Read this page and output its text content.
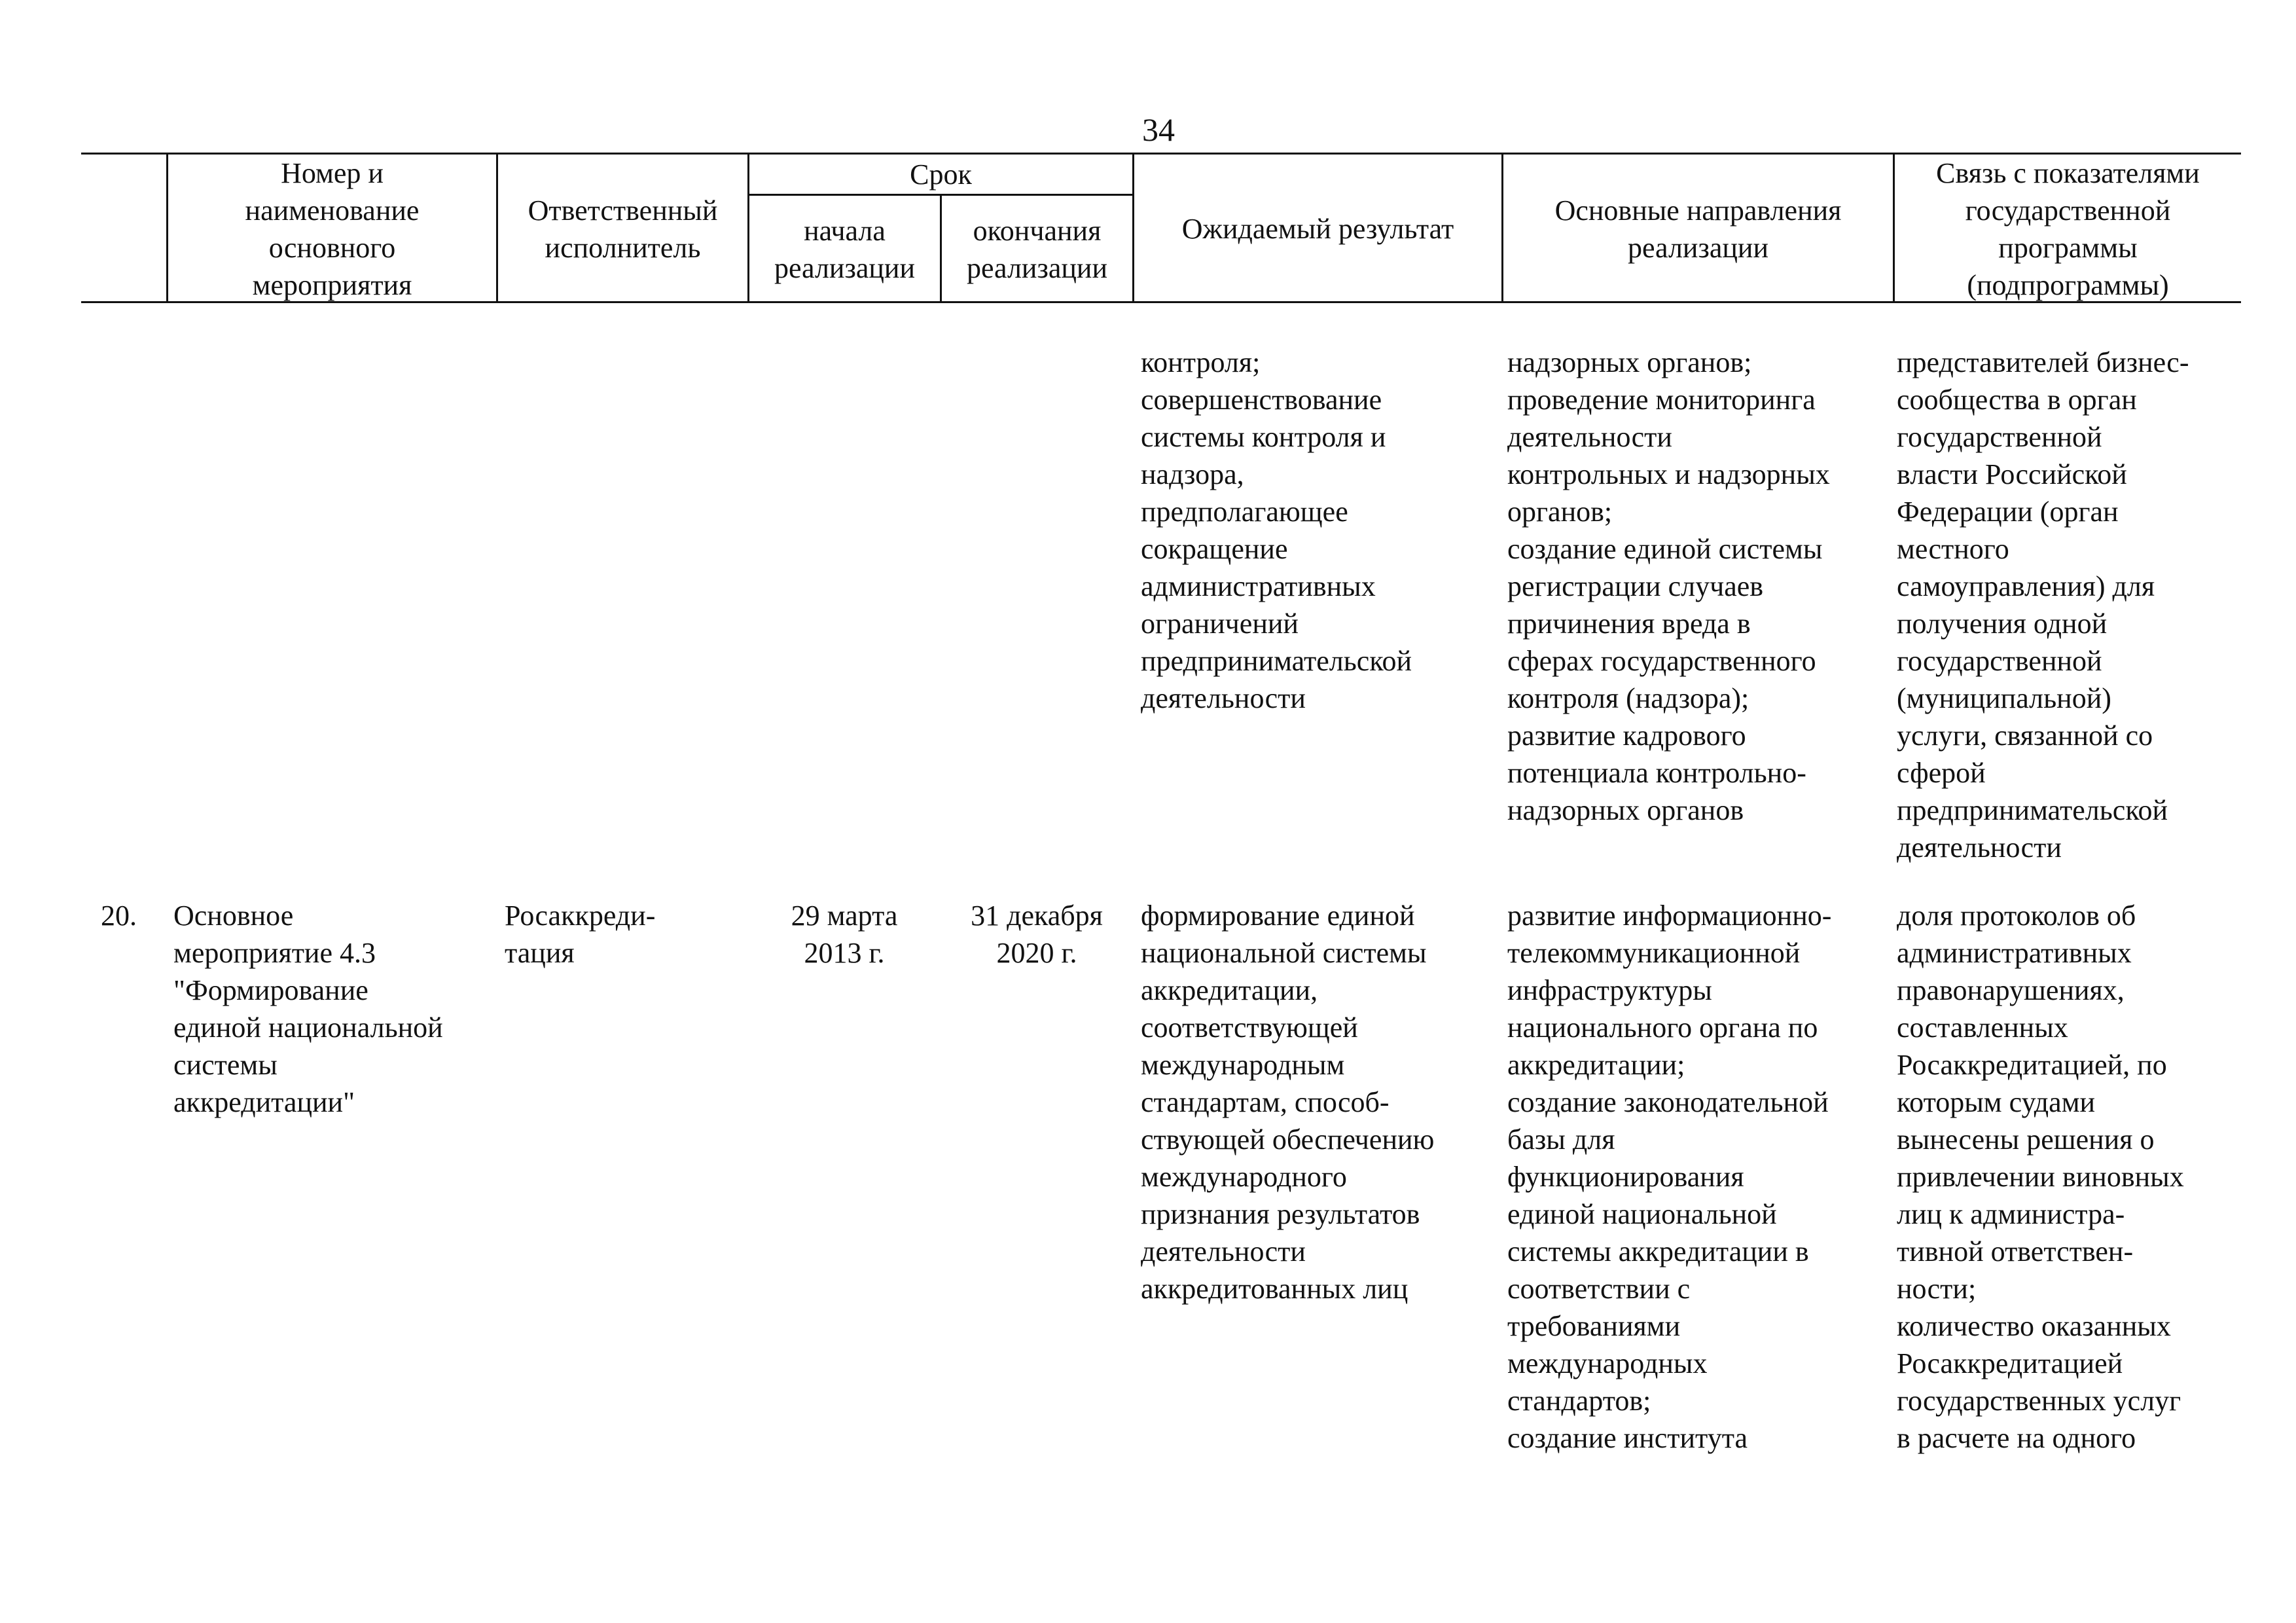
34
Номер и
наименование
основного
мероприятия
Ответственный
исполнитель
Срок
начала
реализации
окончания
реализации
Ожидаемый результат
Основные направления
реализации
Связь с показателями
государственной
программы
(подпрограммы)
контроля;
совершенствование
системы контроля и
надзора,
предполагающее
сокращение
административных
ограничений
предпринимательской
деятельности
надзорных органов;
проведение мониторинга
деятельности
контрольных и надзорных
органов;
создание единой системы
регистрации случаев
причинения вреда в
сферах государственного
контроля (надзора);
развитие кадрового
потенциала контрольно-
надзорных органов
представителей бизнес-
сообщества в орган
государственной
власти Российской
Федерации (орган
местного
самоуправления) для
получения одной
государственной
(муниципальной)
услуги, связанной со
сферой
предпринимательской
деятельности
20.	Основное
мероприятие 4.3
"Формирование
единой национальной
системы
аккредитации"
Росаккреди-
тация
29 марта
2013 г.
31 декабря
2020 г.
формирование единой
национальной системы
аккредитации,
соответствующей
международным
стандартам, способ-
ствующей обеспечению
международного
признания результатов
деятельности
аккредитованных лиц
развитие информационно-
телекоммуникационной
инфраструктуры
национального органа по
аккредитации;
создание законодательной
базы для
функционирования
единой национальной
системы аккредитации в
соответствии с
требованиями
международных
стандартов;
создание института
доля протоколов об
административных
правонарушениях,
составленных
Росаккредитацией, по
которым судами
вынесены решения о
привлечении виновных
лиц к администра-
тивной ответствен-
ности;
количество оказанных
Росаккредитацией
государственных услуг
в расчете на одного
